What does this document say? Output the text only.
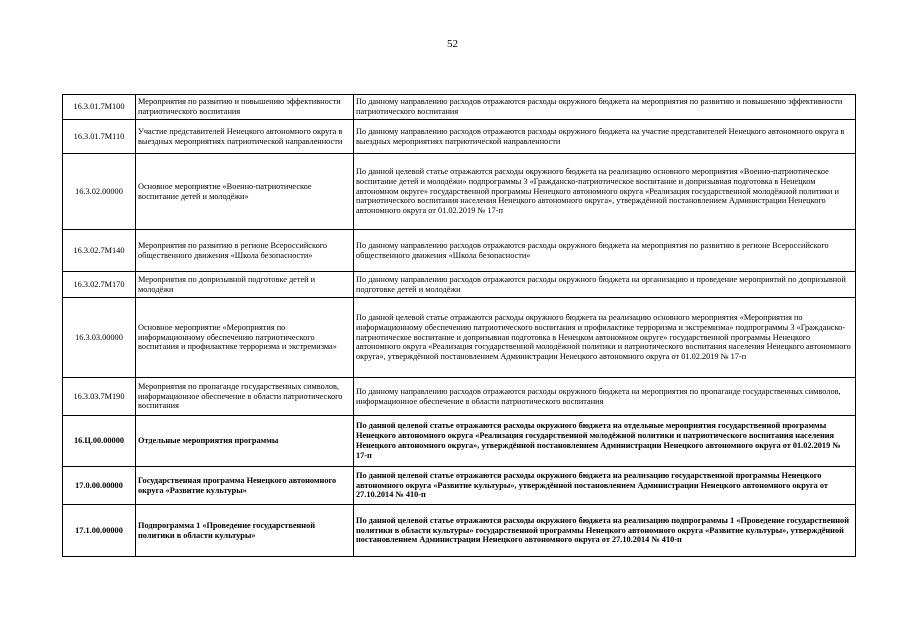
52
16.3.01.7М100	Мероприятия по развитию и повышению эффективности патриотического воспитания	По данному направлению расходов отражаются расходы окружного бюджета на мероприятия по развитию и повышению эффективности патриотического воспитания
16.3.01.7М110	Участие представителей Ненецкого автономного округа в выездных мероприятиях патриотической направленности	По данному направлению расходов отражаются расходы окружного бюджета на участие представителей Ненецкого автономного округа в выездных мероприятиях патриотической направленности
16.3.02.00000	Основное мероприятие «Военно-патриотическое воспитание детей и молодёжи»	По данной целевой статье отражаются расходы окружного бюджета на реализацию основного мероприятия «Военно-патриотическое воспитание детей и молодёжи» подпрограммы 3 «Гражданско-патриотическое воспитание и допризывная подготовка в Ненецком автономном округе» государственной программы Ненецкого автономного округа «Реализация государственной молодёжной политики и патриотического воспитания населения Ненецкого автономного округа», утверждённой постановлением Администрации Ненецкого автономного округа от 01.02.2019 № 17-п
16.3.02.7М140	Мероприятия по развитию в регионе Всероссийского общественного движения «Школа безопасности»	По данному направлению расходов отражаются расходы окружного бюджета на мероприятия по развитию в регионе Всероссийского общественного движения «Школа безопасности»
16.3.02.7М170	Мероприятия по допризывной подготовке детей и молодёжи	По данному направлению расходов отражаются расходы окружного бюджета на организацию и проведение мероприятий по допризывной подготовке детей и молодёжи
16.3.03.00000	Основное мероприятие «Мероприятия по информационному обеспечению патриотического воспитания и профилактике терроризма и экстремизма»	По данной целевой статье отражаются расходы окружного бюджета на реализацию основного мероприятия «Мероприятия по информационному обеспечению патриотического воспитания и профилактике терроризма и экстремизма» подпрограммы 3 «Гражданско-патриотическое воспитание и допризывная подготовка в Ненецком автономном округе» государственной программы Ненецкого автономного округа «Реализация государственной молодёжной политики и патриотического воспитания населения Ненецкого автономного округа», утверждённой постановлением Администрации Ненецкого автономного округа от 01.02.2019 № 17-п
16.3.03.7М190	Мероприятия по пропаганде государственных символов, информационное обеспечение в области патриотического воспитания	По данному направлению расходов отражаются расходы окружного бюджета на мероприятия по пропаганде государственных символов, информационное обеспечение в области патриотического воспитания
16.Ц.00.00000	Отдельные мероприятия программы	По данной целевой статье отражаются расходы окружного бюджета на отдельные мероприятия государственной программы Ненецкого автономного округа «Реализация государственной молодёжной политики и патриотического воспитания населения Ненецкого автономного округа», утверждённой постановлением Администрации Ненецкого автономного округа от 01.02.2019 № 17-п
17.0.00.00000	Государственная программа Ненецкого автономного округа «Развитие культуры»	По данной целевой статье отражаются расходы окружного бюджета на реализацию государственной программы Ненецкого автономного округа «Развитие культуры», утверждённой постановлением Администрации Ненецкого автономного округа от 27.10.2014 № 410-п
17.1.00.00000	Подпрограмма 1 «Проведение государственной политики в области культуры»	По данной целевой статье отражаются расходы окружного бюджета на реализацию подпрограммы 1 «Проведение государственной политики в области культуры» государственной программы Ненецкого автономного округа «Развитие культуры», утверждённой постановлением Администрации Ненецкого автономного округа от 27.10.2014 № 410-п
